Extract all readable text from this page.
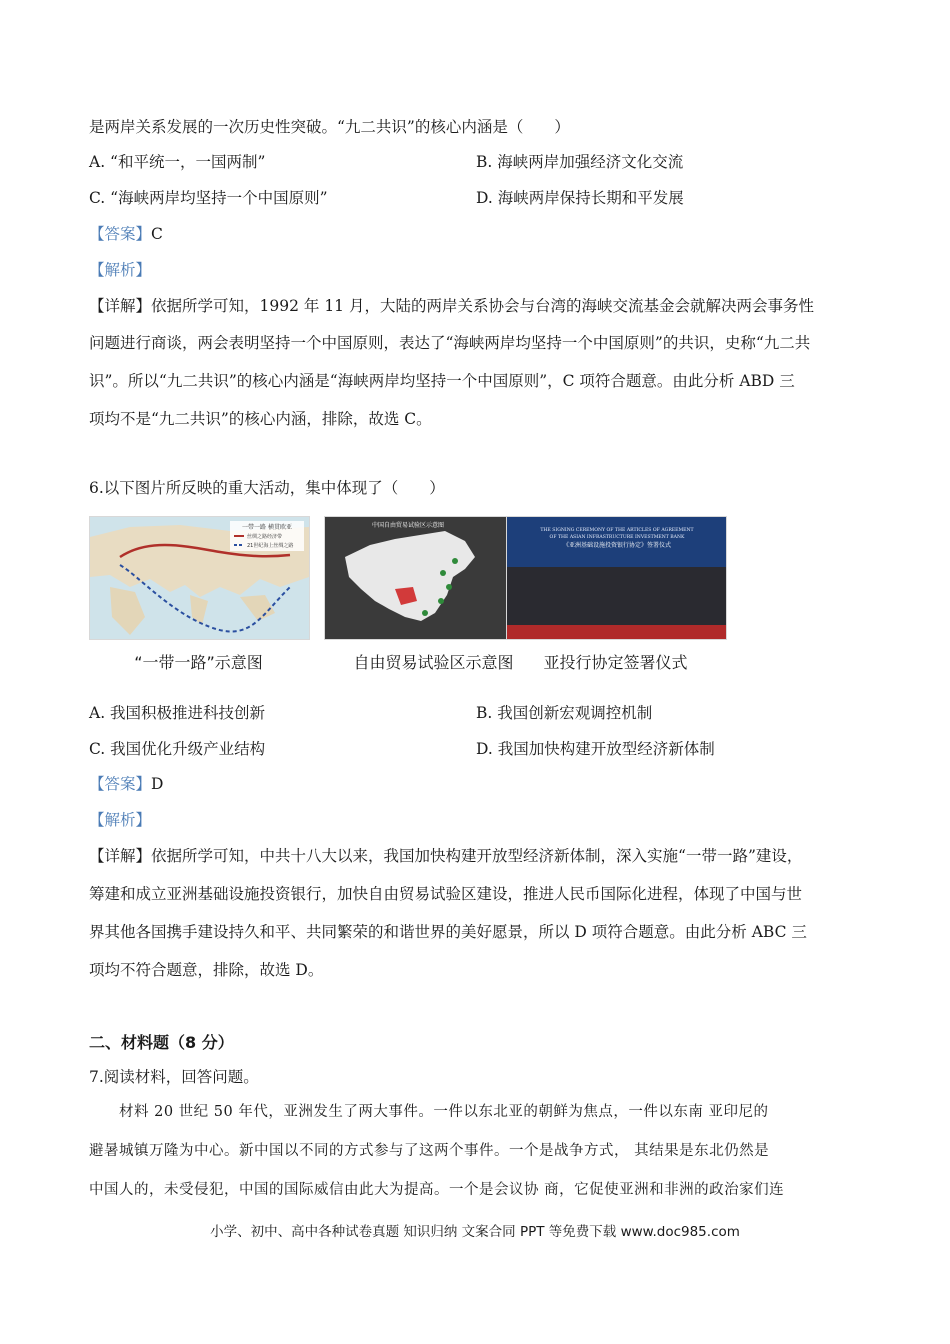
是两岸关系发展的一次历史性突破。“九二共识”的核心内涵是（　　）
A. “和平统一，一国两制”	B. 海峡两岸加强经济文化交流
C. “海峡两岸均坚持一个中国原则”	D. 海峡两岸保持长期和平发展
【答案】C
【解析】
【详解】依据所学可知，1992 年 11 月，大陆的两岸关系协会与台湾的海峡交流基金会就解决两会事务性
问题进行商谈，两会表明坚持一个中国原则，表达了“海峡两岸均坚持一个中国原则”的共识，史称“九二共
识”。所以“九二共识”的核心内涵是“海峡两岸均坚持一个中国原则”，C 项符合题意。由此分析 ABD 三
项均不是“九二共识”的核心内涵，排除，故选 C。
6.以下图片所反映的重大活动，集中体现了（　　）
一带一路 横贯欧亚
丝绸之路经济带
21世纪海上丝绸之路
“一带一路”示意图
中国自由贸易试验区示意图
自由贸易试验区示意图
THE SIGNING CEREMONY OF THE ARTICLES OF AGREEMENT
OF THE ASIAN INFRASTRUCTURE INVESTMENT BANK
《亚洲基础设施投资银行协定》签署仪式
亚投行协定签署仪式
A. 我国积极推进科技创新	B. 我国创新宏观调控机制
C. 我国优化升级产业结构	D. 我国加快构建开放型经济新体制
【答案】D
【解析】
【详解】依据所学可知，中共十八大以来，我国加快构建开放型经济新体制，深入实施“一带一路”建设，
筹建和成立亚洲基础设施投资银行，加快自由贸易试验区建设，推进人民币国际化进程，体现了中国与世
界其他各国携手建设持久和平、共同繁荣的和谐世界的美好愿景，所以 D 项符合题意。由此分析 ABC 三
项均不符合题意，排除，故选 D。
二、材料题（8 分）
7.阅读材料，回答问题。
材料 20 世纪 50 年代，亚洲发生了两大事件。一件以东北亚的朝鲜为焦点，一件以东南 亚印尼的
避暑城镇万隆为中心。新中国以不同的方式参与了这两个事件。一个是战争方式， 其结果是东北仍然是
中国人的，未受侵犯，中国的国际威信由此大为提高。一个是会议协 商，它促使亚洲和非洲的政治家们连
小学、初中、高中各种试卷真题 知识归纳 文案合同 PPT 等免费下载 www.doc985.com
